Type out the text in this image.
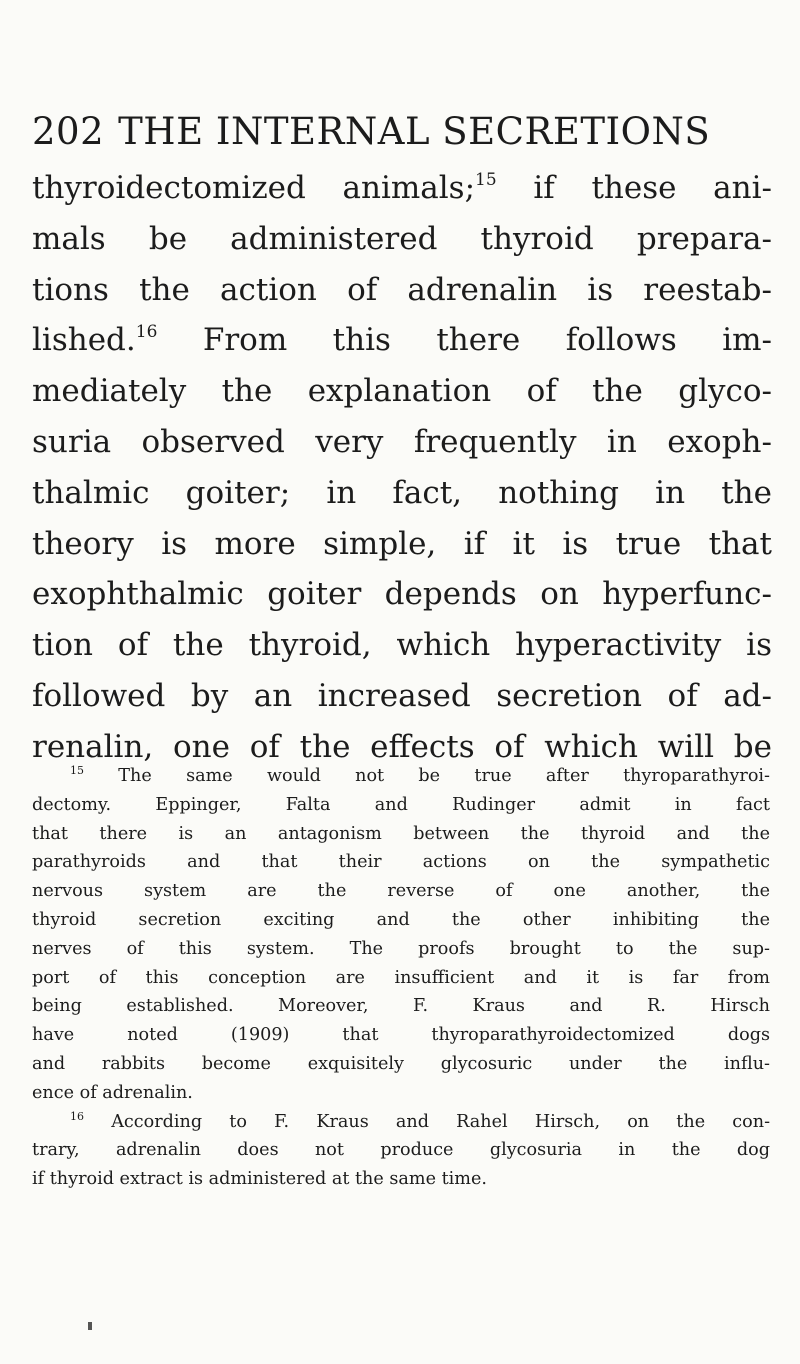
202 THE INTERNAL SECRETIONS
thyroidectomized animals;$^{15}$ if these ani-
mals be administered thyroid prepara-
tions the action of adrenalin is reestab-
lished.$^{16}$ From this there follows im-
mediately the explanation of the glyco-
suria observed very frequently in exoph-
thalmic goiter; in fact, nothing in the
theory is more simple, if it is true that
exophthalmic goiter depends on hyperfunc-
tion of the thyroid, which hyperactivity is
followed by an increased secretion of ad-
renalin, one of the effects of which will be
$^{15}$ The same would not be true after thyroparathyroi-
dectomy. Eppinger, Falta and Rudinger admit in fact
that there is an antagonism between the thyroid and the
parathyroids and that their actions on the sympathetic
nervous system are the reverse of one another, the
thyroid secretion exciting and the other inhibiting the
nerves of this system. The proofs brought to the sup-
port of this conception are insufficient and it is far from
being established. Moreover, F. Kraus and R. Hirsch
have noted (1909) that thyroparathyroidectomized dogs
and rabbits become exquisitely glycosuric under the influ-
ence of adrenalin.
$^{16}$ According to F. Kraus and Rahel Hirsch, on the con-
trary, adrenalin does not produce glycosuria in the dog
if thyroid extract is administered at the same time.
